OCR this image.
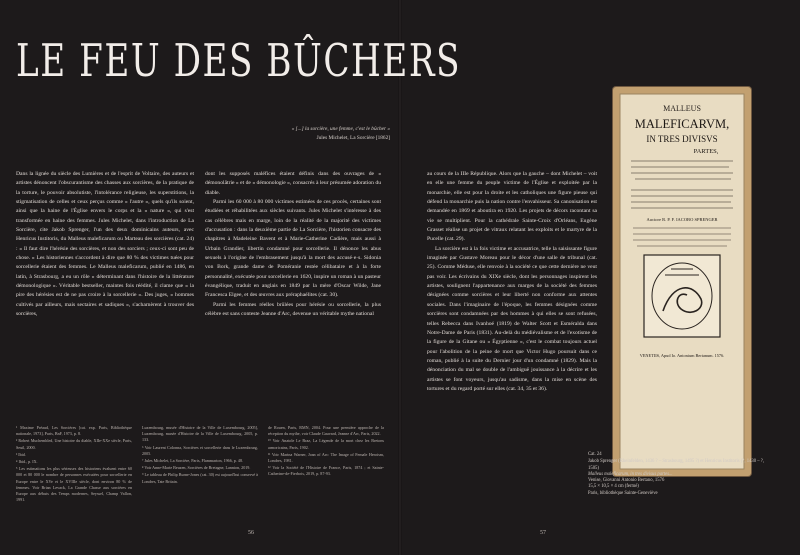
LE FEU DES BÛCHERS
« [...] la sorcière, une femme, c'est le bûcher »
Jules Michelet, La Sorcière [1862]

Dans la lignée du siècle des Lumières et de l'esprit de Voltaire, des auteurs et artistes dénoncent l'obscurantisme des chasses aux sorcières, de la pratique de la torture, le pouvoir absolutiste, l'intolérance religieuse, les superstitions, la stigmatisation de celles et ceux perçus comme « l'autre », quels qu'ils soient, ainsi que la haine de l'Église envers le corps et la « nature », qui s'est transformée en haine des femmes. Jules Michelet, dans l'introduction de La Sorcière, cite Jakob Sprenger, l'un des deux dominicains auteurs, avec Henricus Institoris, du Malleus maleficarum ou Marteau des sorcières (cat. 24) : « Il faut dire l'hérésie des sorcières, et non des sorciers ; ceux-ci sont peu de chose. » Les historiennes s'accordent à dire que 80 % des victimes tuées pour sorcellerie étaient des femmes. Le Malleus maleficarum, publié en 1486, en latin, à Strasbourg, a eu un rôle « déterminant dans l'histoire de la littérature démonologique ». Véritable bestseller, maintes fois réédité, il clame que « la pire des hérésies est de ne pas croire à la sorcellerie ». Des juges, « hommes cultivés par ailleurs, mais sectaires et sadiques », s'acharnèrent à trouver des sorcières,

dont les supposés maléfices étaient définis dans des ouvrages de « démonolâtrie » et de « démonologie », consacrés à leur présumée adoration du diable.

Parmi les 60 000 à 80 000 victimes estimées de ces procès, certaines sont étudiées et réhabilitées aux siècles suivants. Jules Michelet s'intéresse à des cas célèbres mais en marge, loin de la réalité de la majorité des victimes d'accusation : dans la deuxième partie de La Sorcière, l'historien consacre des chapitres à Madeleine Bavent et à Marie-Catherine Cadière, mais aussi à Urbain Grandier, libertin condamné pour sorcellerie. Il dénonce les abus sexuels à l'origine de l'embrasement jusqu'à la mort des accusé·e·s. Sidonia von Bork, grande dame de Poméranie restée célibataire et à la forte personnalité, exécutée pour sorcellerie en 1620, inspire un roman à un pasteur évangélique, traduit en anglais en 1849 par la mère d'Oscar Wilde, Jane Francesca Elgee, et des œuvres aux préraphaélites (cat. 30).

Parmi les femmes réelles brûlées pour hérésie ou sorcellerie, la plus célèbre est sans conteste Jeanne d'Arc, devenue un véritable mythe national

¹ Maxime Préaud, Les Sorcières [cat. exp. Paris, Bibliothèque nationale, 1973], Paris, BnF, 1973, p. 8.

² Robert Muchembled, Une histoire du diable, XIIe-XXe siècle, Paris, Seuil, 2000.

³ Ibid.

⁴ Ibid., p. IX.

⁵ Les estimations les plus sérieuses des historiens évaluent entre 60 000 et 80 000 le nombre de personnes exécutées pour sorcellerie en Europe entre le XVe et le XVIIIe siècle, dont environ 80 % de femmes. Voir Brian Levack, La Grande Chasse aux sorcières en Europe aux débuts des Temps modernes, Seyssel, Champ Vallon, 1991.

Luxembourg, musée d'Histoire de la Ville de Luxembourg, 2005], Luxembourg, musée d'Histoire de la Ville de Luxembourg, 2005, p. 133.

⁶ Voir Laurent Colonna, Sorcières et sorcellerie dans le Luxembourg, 2005.

⁷ Jules Michelet, La Sorcière, Paris, Flammarion, 1966, p. 48.

⁸ Voir Anne-Marie Beuzen, Sorcières de Bretagne, Lannion, 2019.

⁹ Le tableau de Philip Burne-Jones (cat. 30) est aujourd'hui conservé à Londres, Tate Britain.

de Rouen, Paris, RMN, 2004. Pour une première approche de la réception du mythe, voir Claude Gauvard, Jeanne d'Arc, Paris, 2022.

¹⁰ Voir Anatole Le Braz, La Légende de la mort chez les Bretons armoricains, Paris, 1902.

¹¹ Voir Marina Warner, Joan of Arc: The Image of Female Heroism, Londres, 1981.

¹² Voir la Société de l'Histoire de France, Paris, 1874 ; et Sainte-Catherine-de-Fierbois, 2019, p. 87-93.

56

au cours de la IIIe République. Alors que la gauche – dont Michelet – voit en elle une femme du peuple victime de l'Église et exploitée par la monarchie, elle est pour la droite et les catholiques une figure pieuse qui défend la monarchie puis la nation contre l'envahisseur. Sa canonisation est demandée en 1869 et aboutira en 1920. Les projets de décors racontant sa vie se multiplient. Pour la cathédrale Sainte-Croix d'Orléans, Eugène Grasset réalise un projet de vitraux relatant les exploits et le martyre de la Pucelle (cat. 29).

La sorcière est à la fois victime et accusatrice, telle la saisissante figure imaginée par Gustave Moreau pour le décor d'une salle de tribunal (cat. 25). Comme Méduse, elle renvoie à la société ce que cette dernière ne veut pas voir. Les écrivains du XIXe siècle, dont les personnages inspirent les artistes, soulignent l'appartenance aux marges de la société des femmes désignées comme sorcières et leur liberté non conforme aux attentes sociales. Dans l'imaginaire de l'époque, les femmes désignées comme sorcières sont condamnées par des hommes à qui elles se sont refusées, telles Rebecca dans Ivanhoé (1819) de Walter Scott et Esméralda dans Notre-Dame de Paris (1831). Au-delà du médiévalisme et de l'exotisme de la figure de la Gitane ou « Égyptienne », c'est le combat toujours actuel pour l'abolition de la peine de mort que Victor Hugo poursuit dans ce roman, publié à la suite du Dernier jour d'un condamné (1829). Mais la dénonciation du mal se double de l'ambiguë jouissance à la décrire et les artistes se font voyeurs, jusqu'au sadisme, dans la mise en scène des tortures et du regard porté sur elles (cat. 34, 35 et 36).

MALLEUS
MALEFICARVM,
IN TRES DIVISVS
PARTES,
Auctore R. P. F. IACOBO SPRENGER
VENETIIS, Apud Io. Antonium Bertanum. 1576.
Cat. 24
Jakob Sprenger (Rheinfelden, 1436 ? – Strasbourg, 1495 ?) et Henricus Institoris (?, 1430 – ?, 1505)
Malleus maleficarum, in tres divisus partes...
Venise, Giovanni Antonio Bertano, 1576
15,5 × 10,5 × 4 cm (fermé)
Paris, bibliothèque Sainte-Geneviève
57
